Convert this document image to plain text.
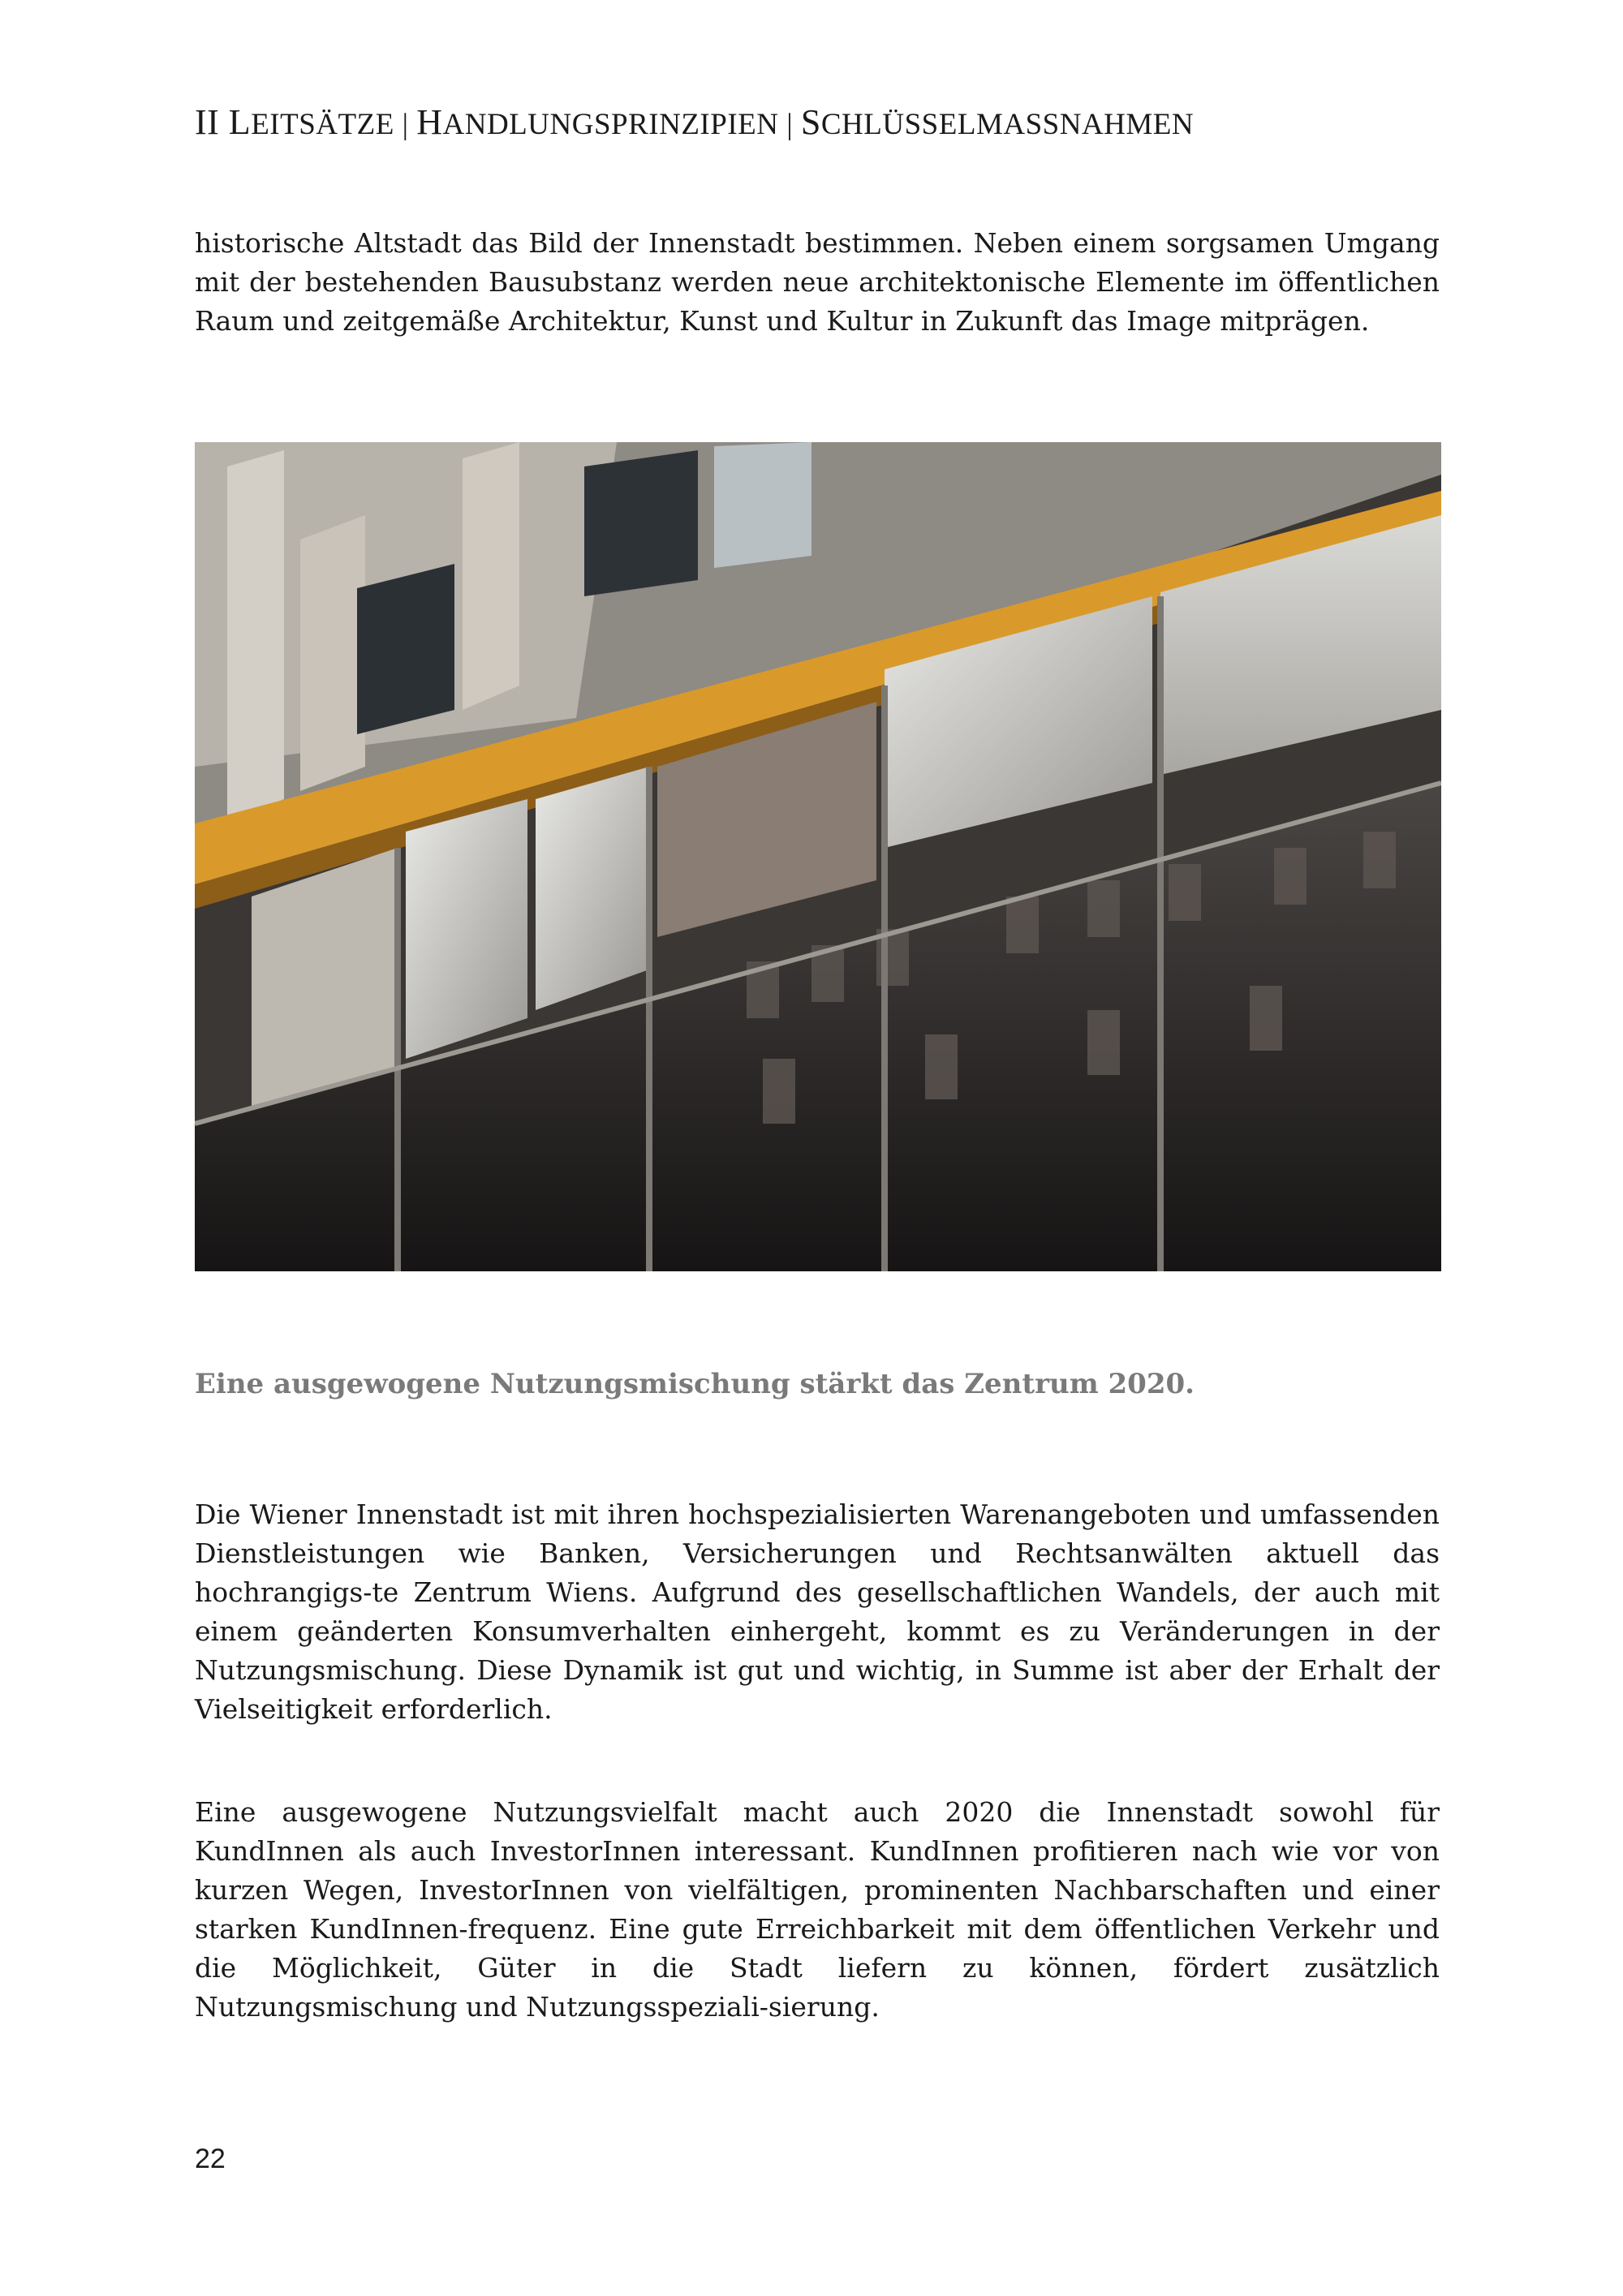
II LEITSÄTZE | HANDLUNGSPRINZIPIEN | SCHLÜSSELMASSNAHMEN

historische Altstadt das Bild der Innenstadt bestimmen. Neben einem sorgsamen Umgang mit der bestehenden Bausubstanz werden neue architektonische Elemente im öffentlichen Raum und zeitgemäße Architektur, Kunst und Kultur in Zukunft das Image mitprägen.

Eine ausgewogene Nutzungsmischung stärkt das Zentrum 2020.

Die Wiener Innenstadt ist mit ihren hochspezialisierten Warenangeboten und umfassenden Dienstleistungen wie Banken, Versicherungen und Rechtsanwälten aktuell das hochrangigs-te Zentrum Wiens. Aufgrund des gesellschaftlichen Wandels, der auch mit einem geänderten Konsumverhalten einhergeht, kommt es zu Veränderungen in der Nutzungsmischung. Diese Dynamik ist gut und wichtig, in Summe ist aber der Erhalt der Vielseitigkeit erforderlich.

Eine ausgewogene Nutzungsvielfalt macht auch 2020 die Innenstadt sowohl für KundInnen als auch InvestorInnen interessant. KundInnen profitieren nach wie vor von kurzen Wegen, InvestorInnen von vielfältigen, prominenten Nachbarschaften und einer starken KundInnen-frequenz. Eine gute Erreichbarkeit mit dem öffentlichen Verkehr und die Möglichkeit, Güter in die Stadt liefern zu können, fördert zusätzlich Nutzungsmischung und Nutzungsspeziali-sierung.

22
